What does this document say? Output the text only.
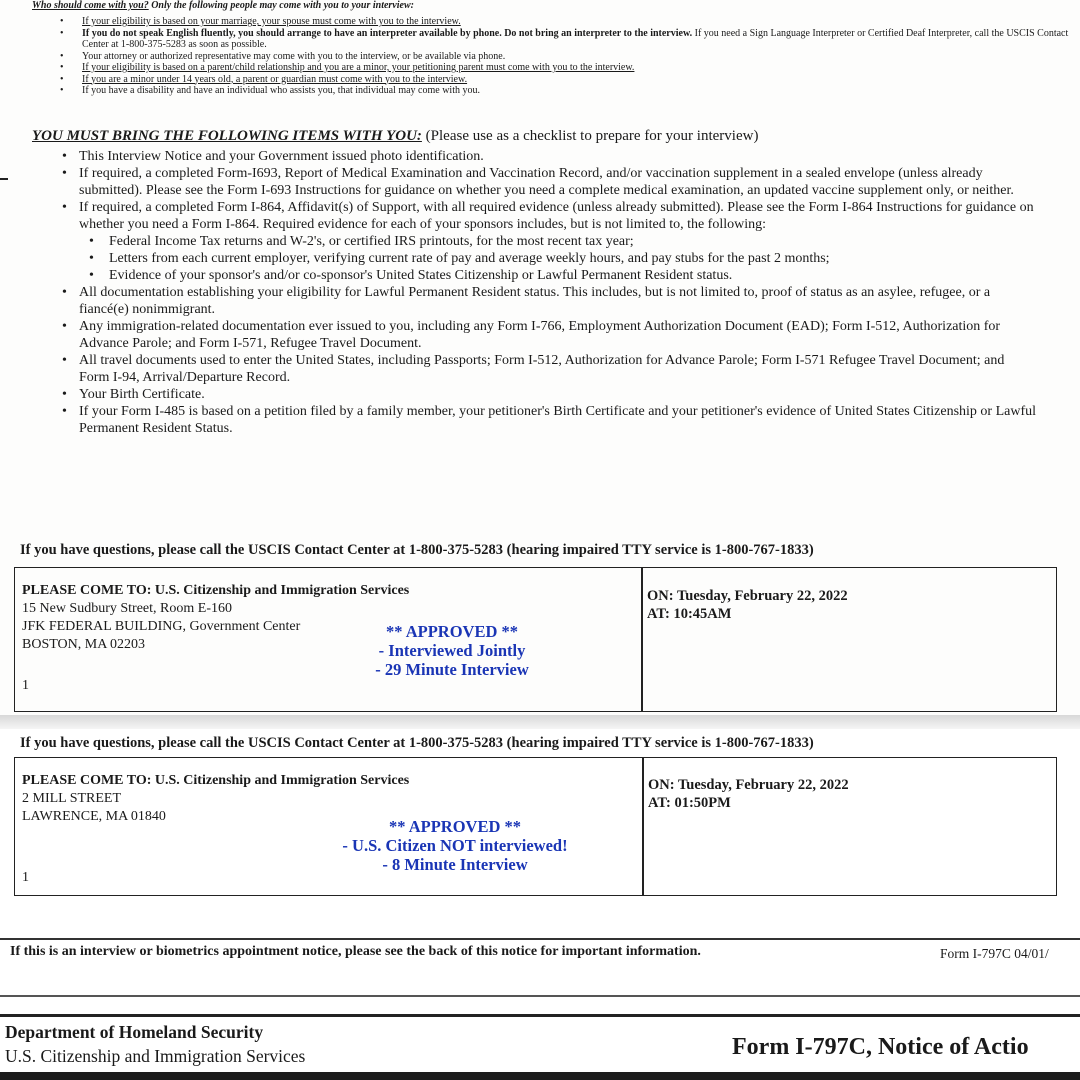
Who should come with you? Only the following people may come with you to your interview:
• If your eligibility is based on your marriage, your spouse must come with you to the interview.
• If you do not speak English fluently, you should arrange to have an interpreter available by phone. Do not bring an interpreter to the interview. If you need a Sign Language Interpreter or Certified Deaf Interpreter, call the USCIS Contact Center at 1-800-375-5283 as soon as possible.
• Your attorney or authorized representative may come with you to the interview, or be available via phone.
• If your eligibility is based on a parent/child relationship and you are a minor, your petitioning parent must come with you to the interview.
• If you are a minor under 14 years old, a parent or guardian must come with you to the interview.
• If you have a disability and have an individual who assists you, that individual may come with you.
YOU MUST BRING THE FOLLOWING ITEMS WITH YOU: (Please use as a checklist to prepare for your interview)
• This Interview Notice and your Government issued photo identification.
• If required, a completed Form-I693, Report of Medical Examination and Vaccination Record, and/or vaccination supplement in a sealed envelope (unless already submitted). Please see the Form I-693 Instructions for guidance on whether you need a complete medical examination, an updated vaccine supplement only, or neither.
• If required, a completed Form I-864, Affidavit(s) of Support, with all required evidence (unless already submitted). Please see the Form I-864 Instructions for guidance on whether you need a Form I-864. Required evidence for each of your sponsors includes, but is not limited to, the following:
• Federal Income Tax returns and W-2's, or certified IRS printouts, for the most recent tax year;
• Letters from each current employer, verifying current rate of pay and average weekly hours, and pay stubs for the past 2 months;
• Evidence of your sponsor's and/or co-sponsor's United States Citizenship or Lawful Permanent Resident status.
• All documentation establishing your eligibility for Lawful Permanent Resident status. This includes, but is not limited to, proof of status as an asylee, refugee, or a fiancé(e) nonimmigrant.
• Any immigration-related documentation ever issued to you, including any Form I-766, Employment Authorization Document (EAD); Form I-512, Authorization for Advance Parole; and Form I-571, Refugee Travel Document.
• All travel documents used to enter the United States, including Passports; Form I-512, Authorization for Advance Parole; Form I-571 Refugee Travel Document; and Form I-94, Arrival/Departure Record.
• Your Birth Certificate.
• If your Form I-485 is based on a petition filed by a family member, your petitioner's Birth Certificate and your petitioner's evidence of United States Citizenship or Lawful Permanent Resident Status.
If you have questions, please call the USCIS Contact Center at 1-800-375-5283 (hearing impaired TTY service is 1-800-767-1833)
PLEASE COME TO: U.S. Citizenship and Immigration Services
15 New Sudbury Street, Room E-160
JFK FEDERAL BUILDING, Government Center
BOSTON, MA 02203
ON: Tuesday, February 22, 2022
AT: 10:45AM
1
** APPROVED **
- Interviewed Jointly
- 29 Minute Interview
If you have questions, please call the USCIS Contact Center at 1-800-375-5283 (hearing impaired TTY service is 1-800-767-1833)
PLEASE COME TO: U.S. Citizenship and Immigration Services
2 MILL STREET
LAWRENCE, MA 01840
ON: Tuesday, February 22, 2022
AT: 01:50PM
1
** APPROVED **
- U.S. Citizen NOT interviewed!
- 8 Minute Interview
If this is an interview or biometrics appointment notice, please see the back of this notice for important information.	Form I-797C 04/01/
Department of Homeland Security
U.S. Citizenship and Immigration Services	Form I-797C, Notice of Actio
